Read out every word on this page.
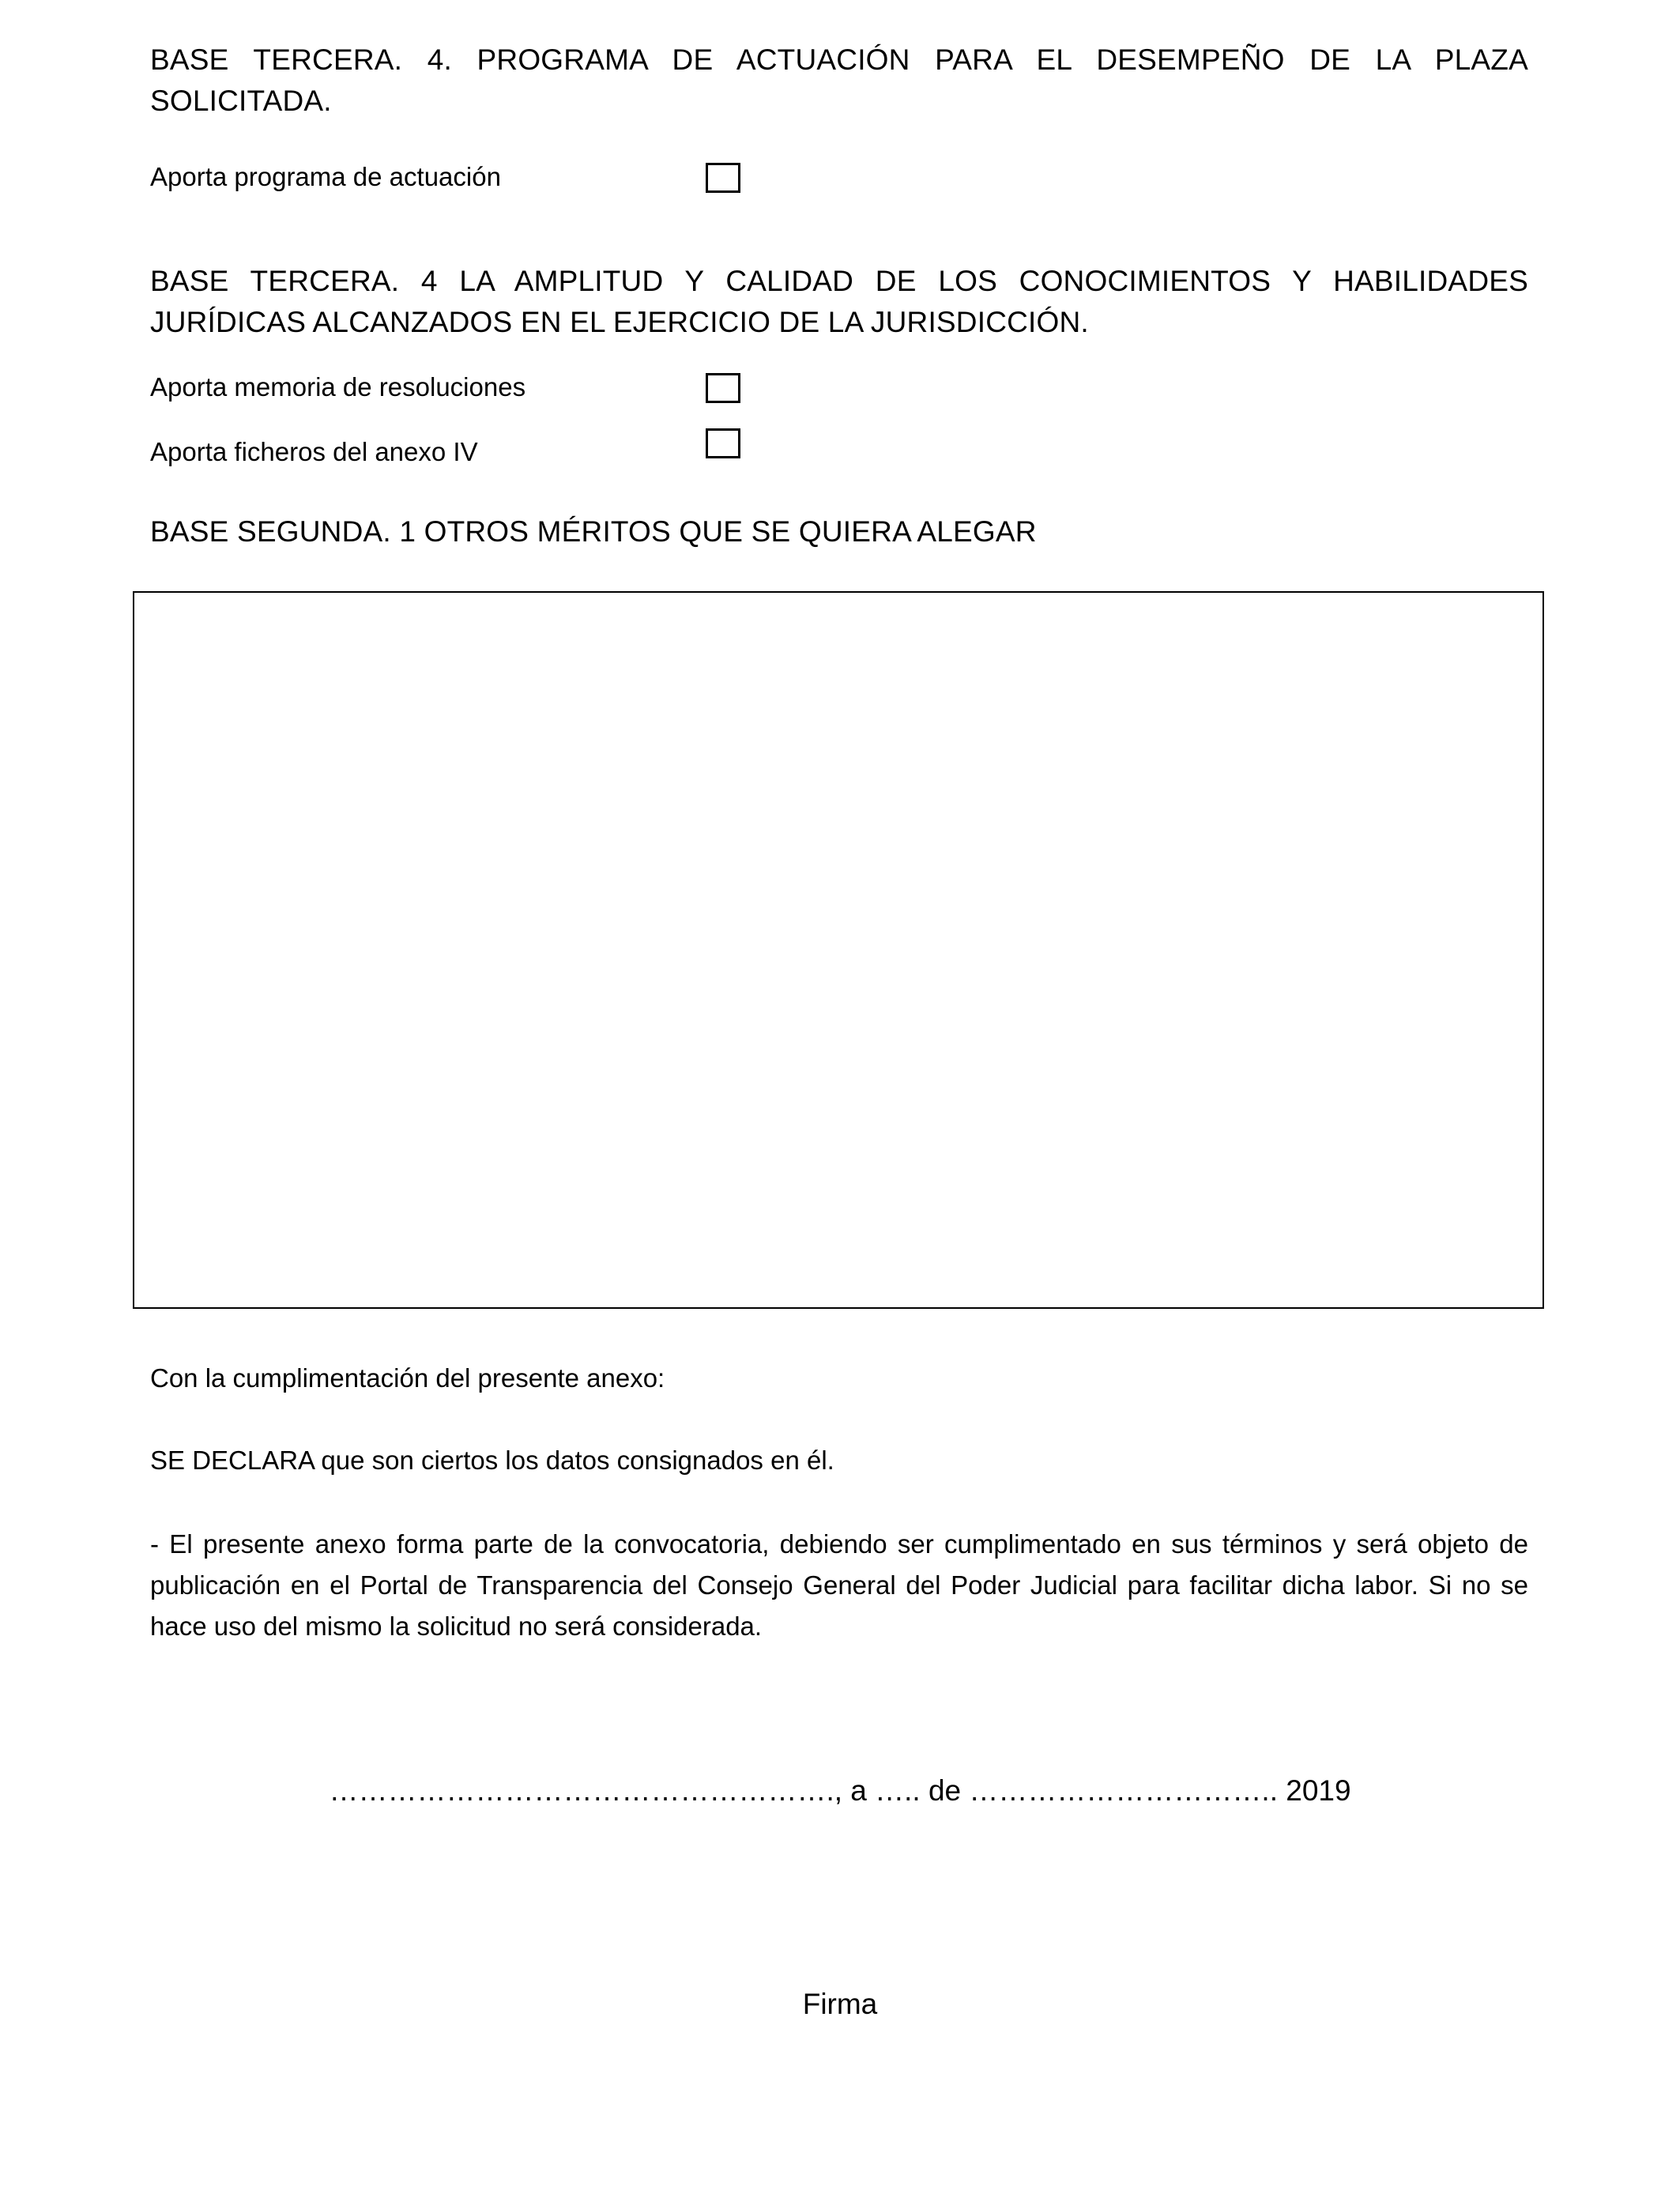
BASE TERCERA. 4. PROGRAMA DE ACTUACIÓN PARA EL DESEMPEÑO DE LA PLAZA SOLICITADA.
Aporta programa de actuación
BASE TERCERA. 4 LA AMPLITUD Y CALIDAD DE LOS CONOCIMIENTOS Y HABILIDADES JURÍDICAS ALCANZADOS EN EL EJERCICIO DE LA JURISDICCIÓN.
Aporta memoria de resoluciones
Aporta ficheros del anexo IV
BASE SEGUNDA. 1 OTROS MÉRITOS QUE SE QUIERA ALEGAR
Con la cumplimentación del presente anexo:
SE DECLARA que son ciertos los datos consignados en él.
- El presente anexo forma parte de la convocatoria, debiendo ser cumplimentado en sus términos y será objeto de publicación en el Portal de Transparencia del Consejo General del Poder Judicial para facilitar dicha labor. Si no se hace uso del mismo la solicitud no será considerada.
……………………………………………., a ….. de ………………………….. 2019
Firma
